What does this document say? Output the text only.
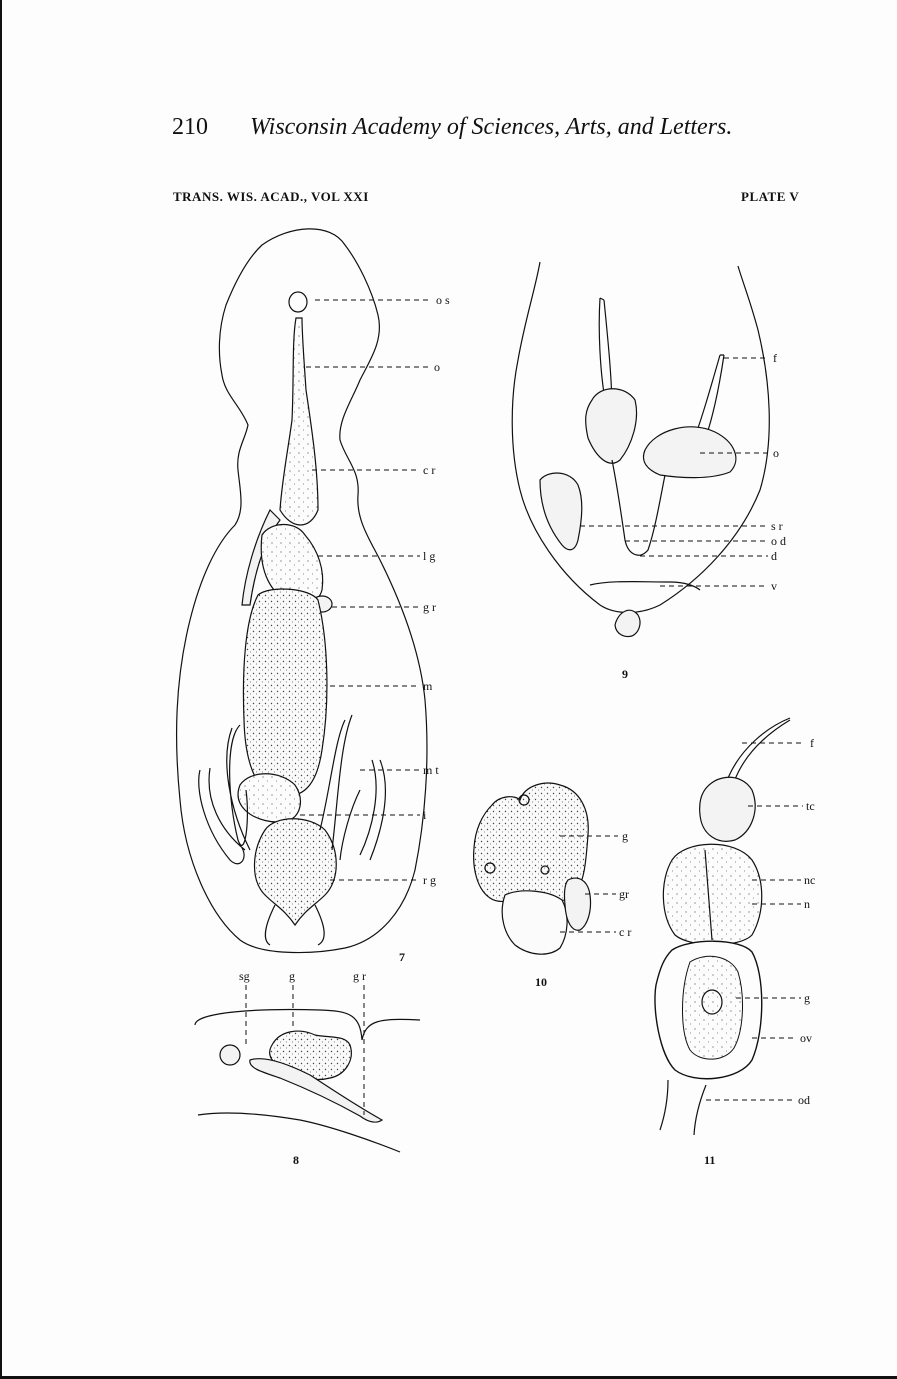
210 Wisconsin Academy of Sciences, Arts, and Letters.
TRANS. WIS. ACAD., VOL XXI	PLATE V
o s
o
c r
l g
g r
m
m t
i
r g
7
sg	g	g r
8
f
o
s r
o d
d
v
9
g
gr
c r
10
f
tc
nc
n
g
ov
od
11
